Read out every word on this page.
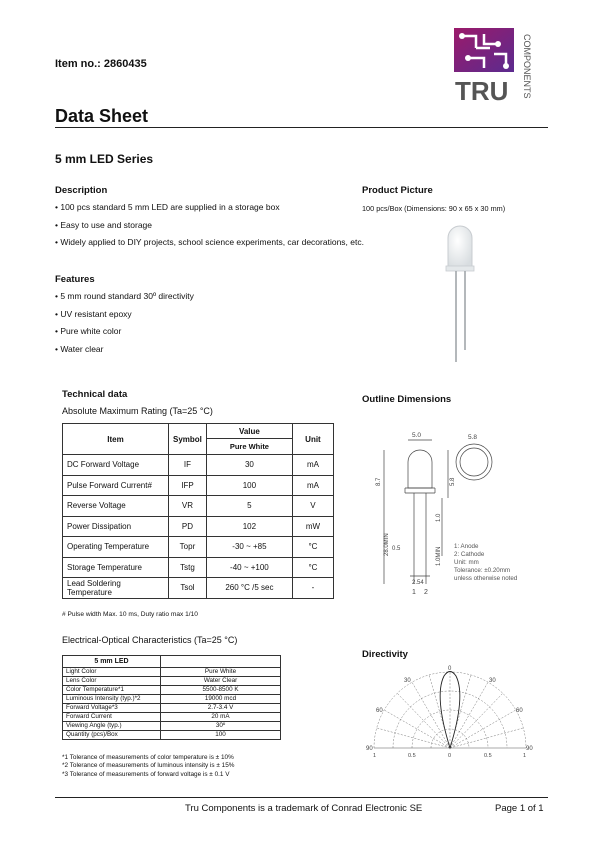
Item no.: 2860435
TRU COMPONENTS
Data Sheet
5 mm LED Series
Description
• 100 pcs standard 5 mm LED are supplied in a storage box
• Easy to use and storage
• Widely applied to DIY projects, school science experiments, car decorations, etc.
Product Picture
100 pcs/Box (Dimensions: 90 x 65 x 30 mm)
Features
• 5 mm round standard 30º directivity
• UV resistant epoxy
• Pure white color
• Water clear
Technical data
Absolute Maximum Rating (Ta=25 °C)
Item	Symbol	Value	Unit
		Pure White	
DC Forward Voltage	IF	30	mA
Pulse Forward Current#	IFP	100	mA
Reverse Voltage	VR	5	V
Power Dissipation	PD	102	mW
Operating Temperature	Topr	-30 ~ +85	°C
Storage Temperature	Tstg	-40 ~ +100	°C
Lead Soldering Temperature	Tsol	260 °C /5 sec	-
# Pulse width Max. 10 ms, Duty ratio max 1/10
Outline Dimensions
5.0	5.8
8.7
28.0MIN
5.8
1.0
1.0MIN
2.54
0.5
1 2
1: Anode
2: Cathode
Unit: mm
Tolerance: ±0.20mm
unless otherwise noted
Electrical-Optical Characteristics (Ta=25 °C)
5 mm LED	
Light Color	Pure White
Lens Color	Water Clear
Color Temperature*1	5500-8500 K
Luminous Intensity (typ.)*2	19000 mcd
Forward Voltage*3	2.7-3.4 V
Forward Current	20 mA
Viewing Angle (typ.)	30º
Quantity (pcs)/Box	100
*1 Tolerance of measurements of color temperature is ± 10%
*2 Tolerance of measurements of luminous intensity is ± 15%
*3 Tolerance of measurements of forward voltage is ± 0.1 V
Directivity
0
30	30
60	60
90	90
1	0.5	0	0.5	1
Tru Components is a trademark of Conrad Electronic SE	Page 1 of 1
